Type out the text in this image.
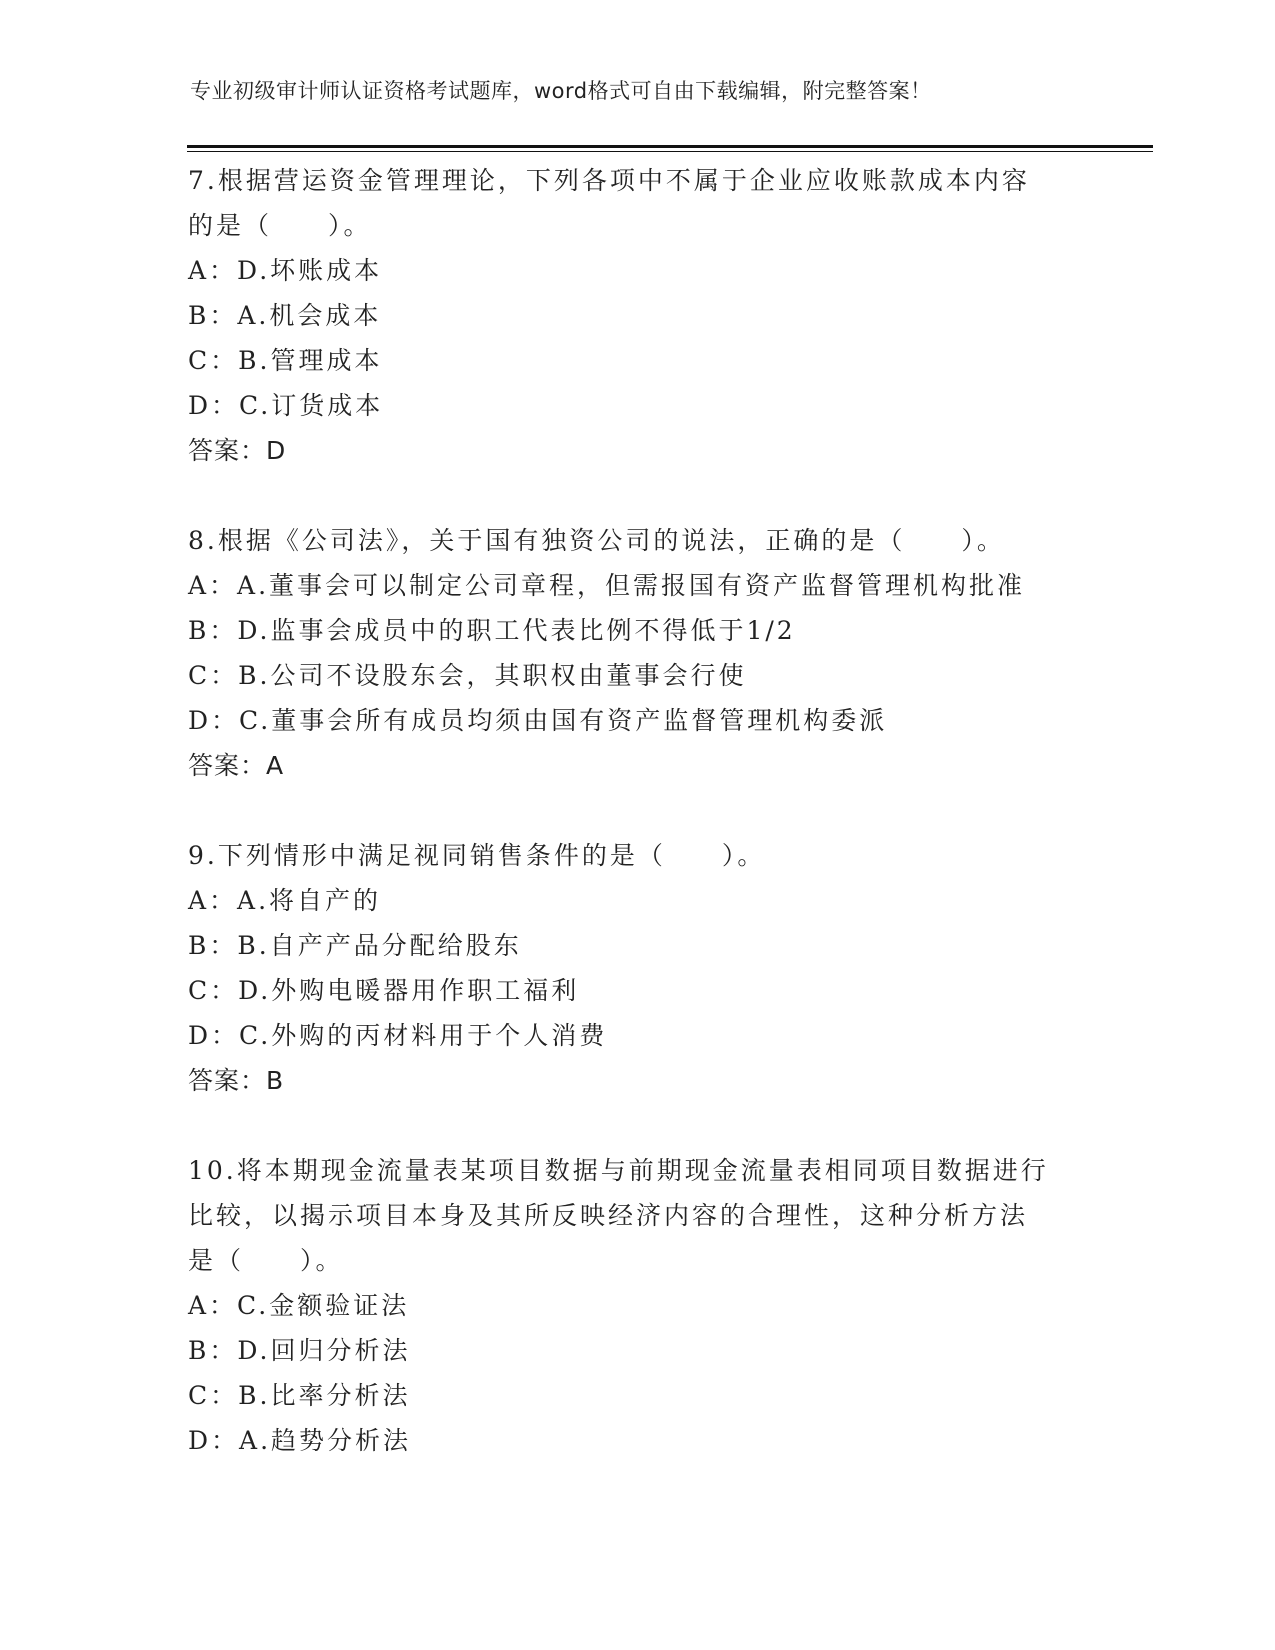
专业初级审计师认证资格考试题库，word格式可自由下载编辑，附完整答案！

7.根据营运资金管理理论，下列各项中不属于企业应收账款成本内容

的是（　　）。

A：D.坏账成本

B：A.机会成本

C：B.管理成本

D：C.订货成本

答案：D

8.根据《公司法》，关于国有独资公司的说法，正确的是（　　）。

A：A.董事会可以制定公司章程，但需报国有资产监督管理机构批准

B：D.监事会成员中的职工代表比例不得低于1/2

C：B.公司不设股东会，其职权由董事会行使

D：C.董事会所有成员均须由国有资产监督管理机构委派

答案：A

9.下列情形中满足视同销售条件的是（　　）。

A：A.将自产的

B：B.自产产品分配给股东

C：D.外购电暖器用作职工福利

D：C.外购的丙材料用于个人消费

答案：B

10.将本期现金流量表某项目数据与前期现金流量表相同项目数据进行

比较，以揭示项目本身及其所反映经济内容的合理性，这种分析方法

是（　　）。

A：C.金额验证法

B：D.回归分析法

C：B.比率分析法

D：A.趋势分析法
